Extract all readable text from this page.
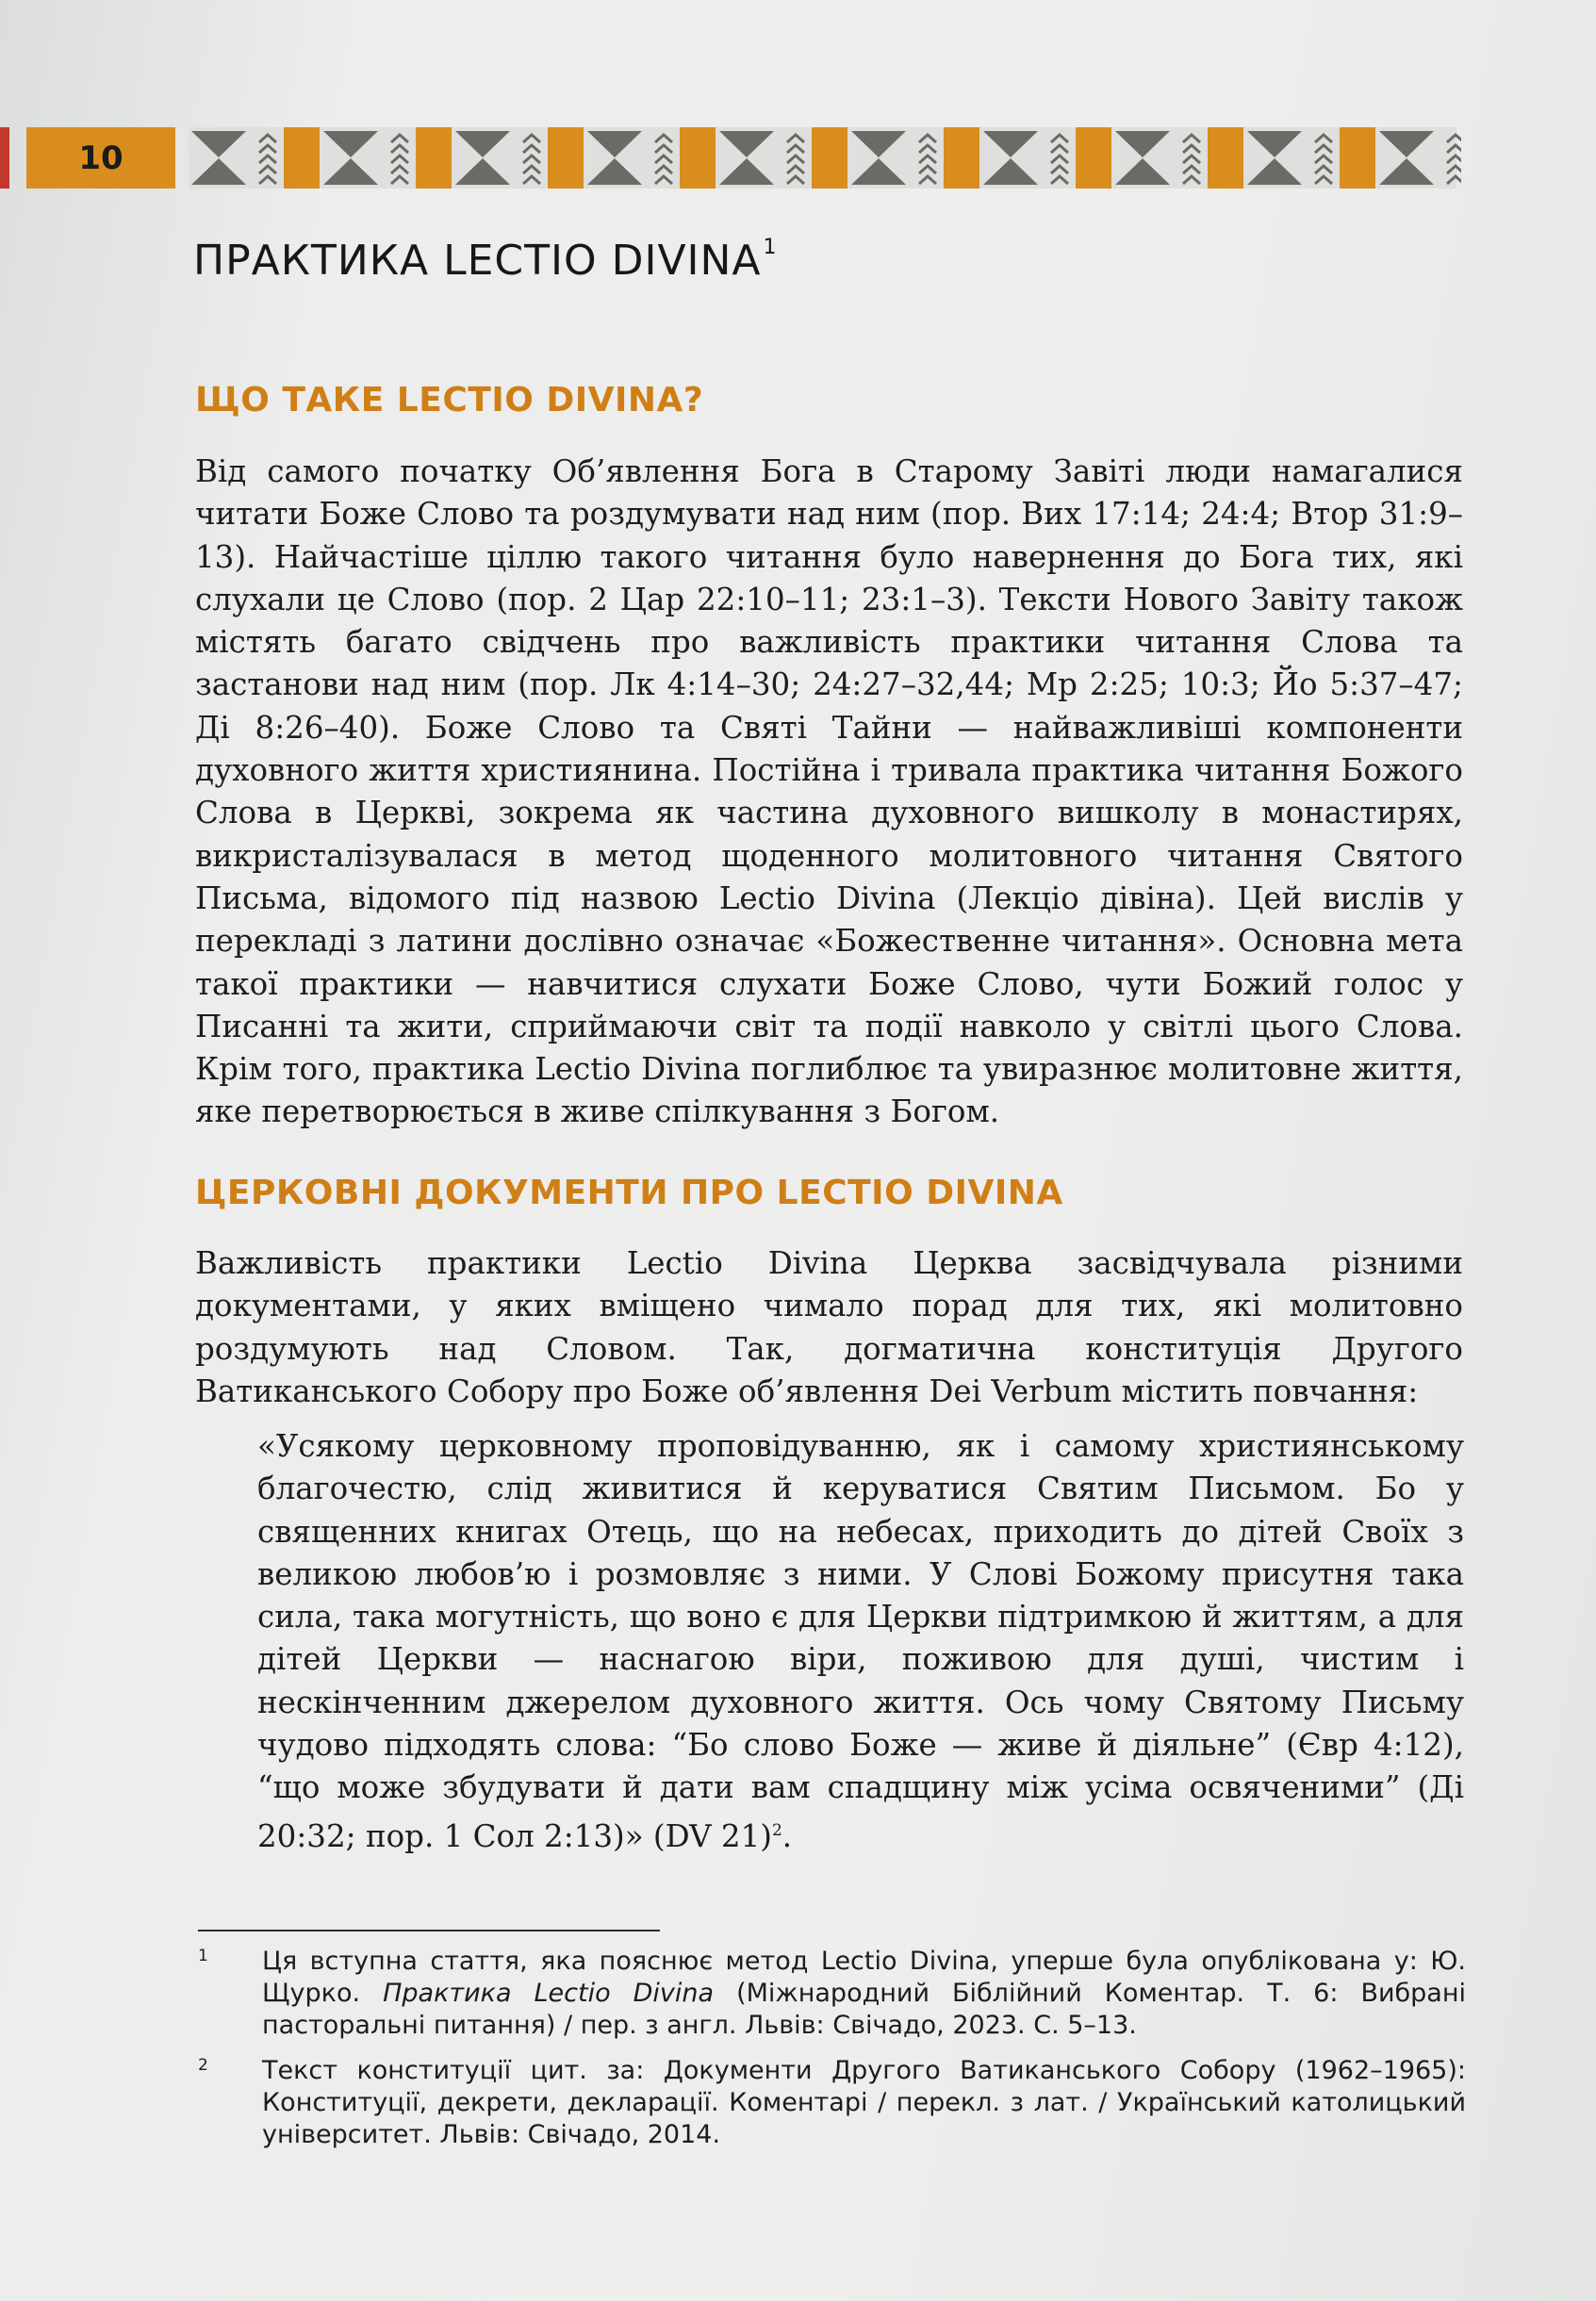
10
ПРАКТИКА LECTIO DIVINA$^1$
ЩО ТАКЕ LECTIO DIVINA?

Від самого початку Об’явлення Бога в Старому Завіті люди намагалися читати Боже Слово та роздумувати над ним (пор. Вих 17:14; 24:4; Втор 31:9–13). Найчастіше ціллю такого читання було навернення до Бога тих, які слухали це Слово (пор. 2 Цар 22:10–11; 23:1–3). Тексти Нового Завіту також містять багато свідчень про важливість практики читання Слова та застанови над ним (пор. Лк 4:14–30; 24:27–32,44; Мр 2:25; 10:3; Йо 5:37–47; Ді 8:26–40). Боже Слово та Святі Тайни — найважливіші компоненти духовного життя християнина. Постійна і тривала практика читання Божого Слова в Церкві, зокрема як частина духовного вишколу в монастирях, викристалізувалася в метод щоденного молитовного читання Святого Письма, відомого під назвою Lectio Divina (Лекціо дівіна). Цей вислів у перекладі з латини дослівно означає «Божественне читання». Основна мета такої практики — навчитися слухати Боже Слово, чути Божий голос у Писанні та жити, сприймаючи світ та події навколо у світлі цього Слова. Крім того, практика Lectio Divina поглиблює та увиразнює молитовне життя, яке перетворюється в живе спілкування з Богом.

ЦЕРКОВНІ ДОКУМЕНТИ ПРО LECTIO DIVINA

Важливість практики Lectio Divina Церква засвідчувала різними документами, у яких вміщено чимало порад для тих, які молитовно роздумують над Словом. Так, догматична конституція Другого Ватиканського Собору про Боже об’явлення Dei Verbum містить повчання:

«Усякому церковному проповідуванню, як і самому християнському благочестю, слід живитися й керуватися Святим Письмом. Бо у священних книгах Отець, що на небесах, приходить до дітей Своїх з великою любов’ю і розмовляє з ними. У Слові Божому присутня така сила, така могутність, що воно є для Церкви підтримкою й життям, а для дітей Церкви — наснагою віри, поживою для душі, чистим і нескінченним джерелом духовного життя. Ось чому Святому Письму чудово підходять слова: “Бо слово Боже — живе й діяльне” (Євр 4:12), “що може збудувати й дати вам спадщину між усіма освяченими” (Ді 20:32; пор. 1 Сол 2:13)» (DV 21)$^2$.

1 Ця вступна стаття, яка пояснює метод Lectio Divina, уперше була опублікована у: Ю. Щурко. Практика Lectio Divina (Міжнародний Біблійний Коментар. Т. 6: Вибрані пасторальні питання) / пер. з англ. Львів: Свічадо, 2023. С. 5–13.
2 Текст конституції цит. за: Документи Другого Ватиканського Собору (1962–1965): Конституції, декрети, декларації. Коментарі / перекл. з лат. / Український католицький університет. Львів: Свічадо, 2014.
